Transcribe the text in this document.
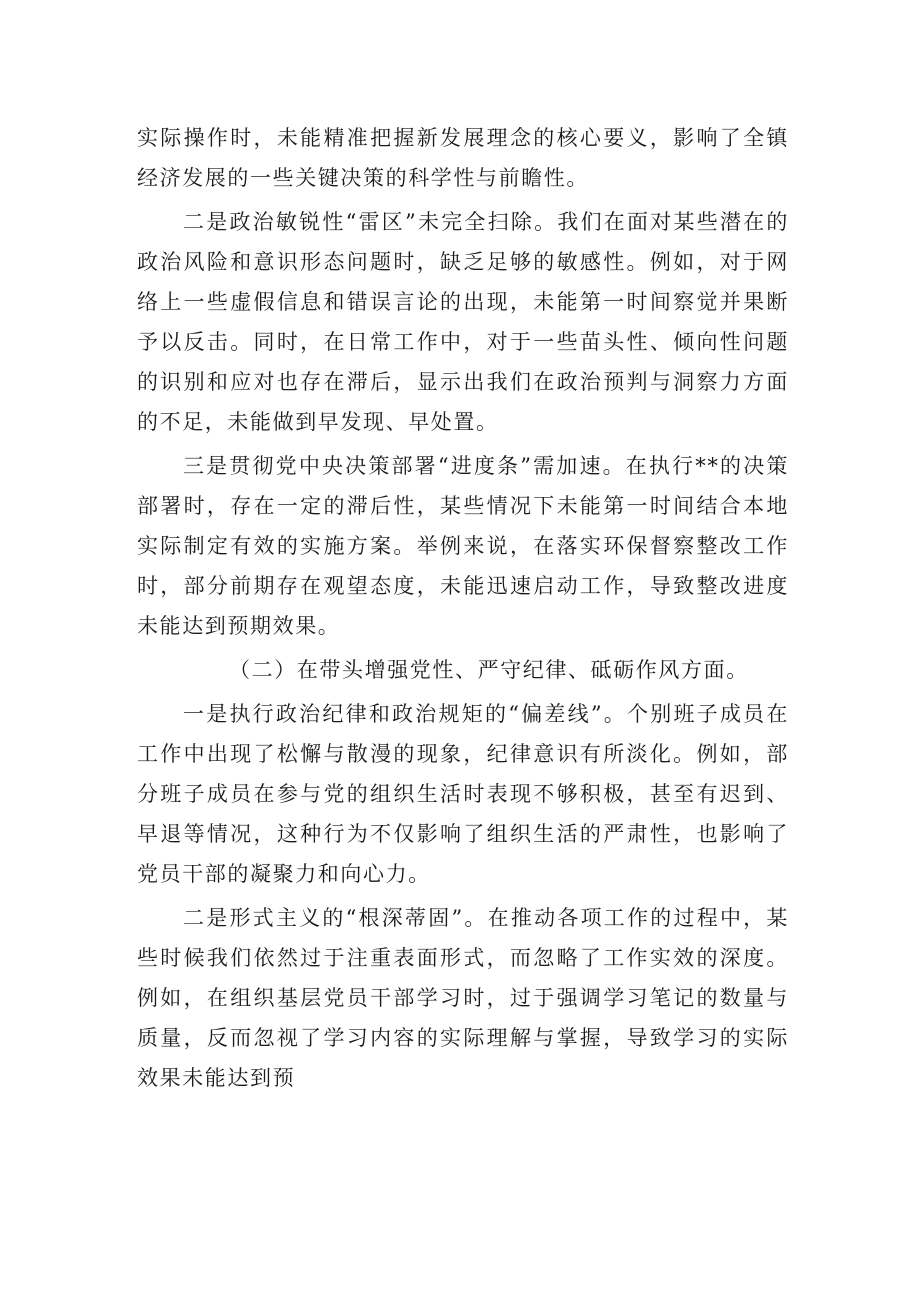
实际操作时，未能精准把握新发展理念的核心要义，影响了全镇经济发展的一些关键决策的科学性与前瞻性。

二是政治敏锐性“雷区”未完全扫除。我们在面对某些潜在的政治风险和意识形态问题时，缺乏足够的敏感性。例如，对于网络上一些虚假信息和错误言论的出现，未能第一时间察觉并果断予以反击。同时，在日常工作中，对于一些苗头性、倾向性问题的识别和应对也存在滞后，显示出我们在政治预判与洞察力方面的不足，未能做到早发现、早处置。

三是贯彻党中央决策部署“进度条”需加速。在执行**的决策部署时，存在一定的滞后性，某些情况下未能第一时间结合本地实际制定有效的实施方案。举例来说，在落实环保督察整改工作时，部分前期存在观望态度，未能迅速启动工作，导致整改进度未能达到预期效果。

（二）在带头增强党性、严守纪律、砥砺作风方面。

一是执行政治纪律和政治规矩的“偏差线”。个别班子成员在工作中出现了松懈与散漫的现象，纪律意识有所淡化。例如，部分班子成员在参与党的组织生活时表现不够积极，甚至有迟到、早退等情况，这种行为不仅影响了组织生活的严肃性，也影响了党员干部的凝聚力和向心力。

二是形式主义的“根深蒂固”。在推动各项工作的过程中，某些时候我们依然过于注重表面形式，而忽略了工作实效的深度。例如，在组织基层党员干部学习时，过于强调学习笔记的数量与质量，反而忽视了学习内容的实际理解与掌握，导致学习的实际效果未能达到预
